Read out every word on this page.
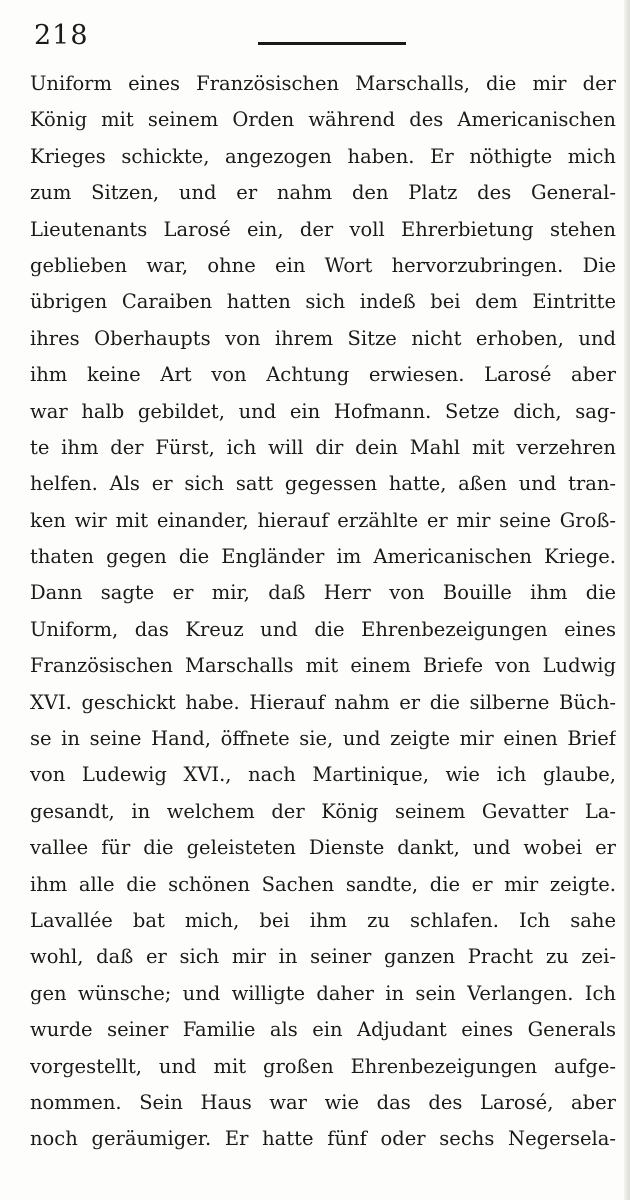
218
Uniform eines Französischen Marschalls, die mir der
König mit seinem Orden während des Americanischen
Krieges schickte, angezogen haben. Er nöthigte mich
zum Sitzen, und er nahm den Platz des General-
Lieutenants Larosé ein, der voll Ehrerbietung stehen
geblieben war, ohne ein Wort hervorzubringen. Die
übrigen Caraiben hatten sich indeß bei dem Eintritte
ihres Oberhaupts von ihrem Sitze nicht erhoben, und
ihm keine Art von Achtung erwiesen. Larosé aber
war halb gebildet, und ein Hofmann. Setze dich, sag-
te ihm der Fürst, ich will dir dein Mahl mit verzehren
helfen. Als er sich satt gegessen hatte, aßen und tran-
ken wir mit einander, hierauf erzählte er mir seine Groß-
thaten gegen die Engländer im Americanischen Kriege.
Dann sagte er mir, daß Herr von Bouille ihm die
Uniform, das Kreuz und die Ehrenbezeigungen eines
Französischen Marschalls mit einem Briefe von Ludwig
XVI. geschickt habe. Hierauf nahm er die silberne Büch-
se in seine Hand, öffnete sie, und zeigte mir einen Brief
von Ludewig XVI., nach Martinique, wie ich glaube,
gesandt, in welchem der König seinem Gevatter La-
vallee für die geleisteten Dienste dankt, und wobei er
ihm alle die schönen Sachen sandte, die er mir zeigte.
Lavallée bat mich, bei ihm zu schlafen. Ich sahe
wohl, daß er sich mir in seiner ganzen Pracht zu zei-
gen wünsche; und willigte daher in sein Verlangen. Ich
wurde seiner Familie als ein Adjudant eines Generals
vorgestellt, und mit großen Ehrenbezeigungen aufge-
nommen. Sein Haus war wie das des Larosé, aber
noch geräumiger. Er hatte fünf oder sechs Negersela-
